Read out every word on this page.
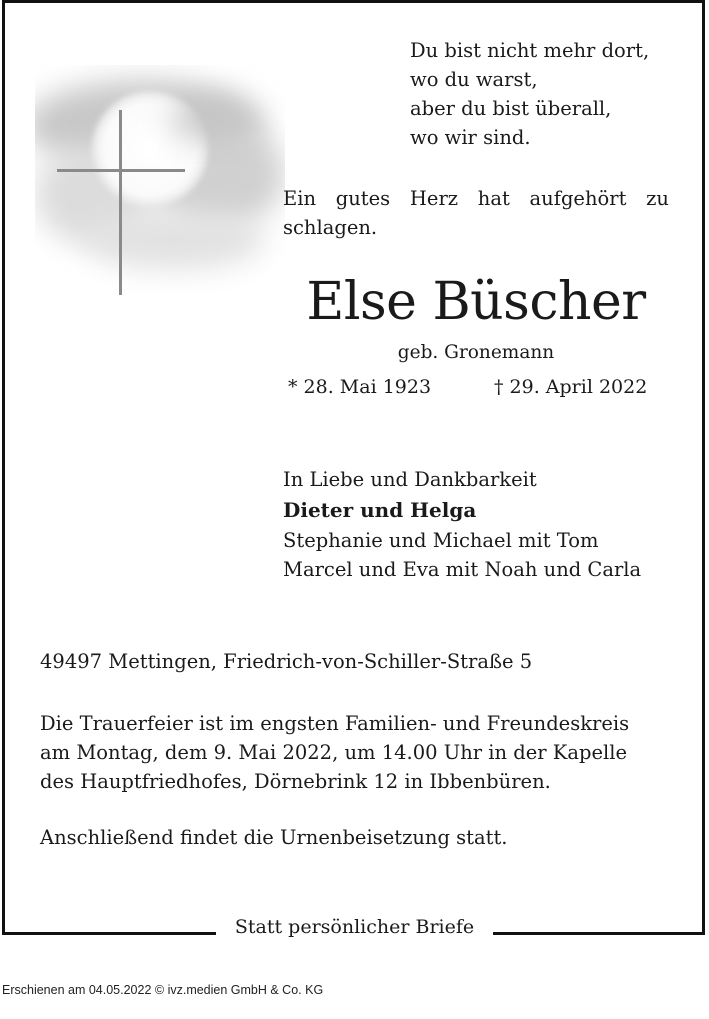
Statt persönlicher Briefe
Du bist nicht mehr dort,
wo du warst,
aber du bist überall,
wo wir sind.
Ein gutes Herz hat aufgehört zu schlagen.
Else Büscher
geb. Gronemann
* 28. Mai 1923	† 29. April 2022
In Liebe und Dankbarkeit
Dieter und Helga
Stephanie und Michael mit Tom
Marcel und Eva mit Noah und Carla
49497 Mettingen, Friedrich-von-Schiller-Straße 5
Die Trauerfeier ist im engsten Familien- und Freundeskreis
am Montag, dem 9. Mai 2022, um 14.00 Uhr in der Kapelle
des Hauptfriedhofes, Dörnebrink 12 in Ibbenbüren.
Anschließend findet die Urnenbeisetzung statt.
Erschienen am 04.05.2022 © ivz.medien GmbH & Co. KG
